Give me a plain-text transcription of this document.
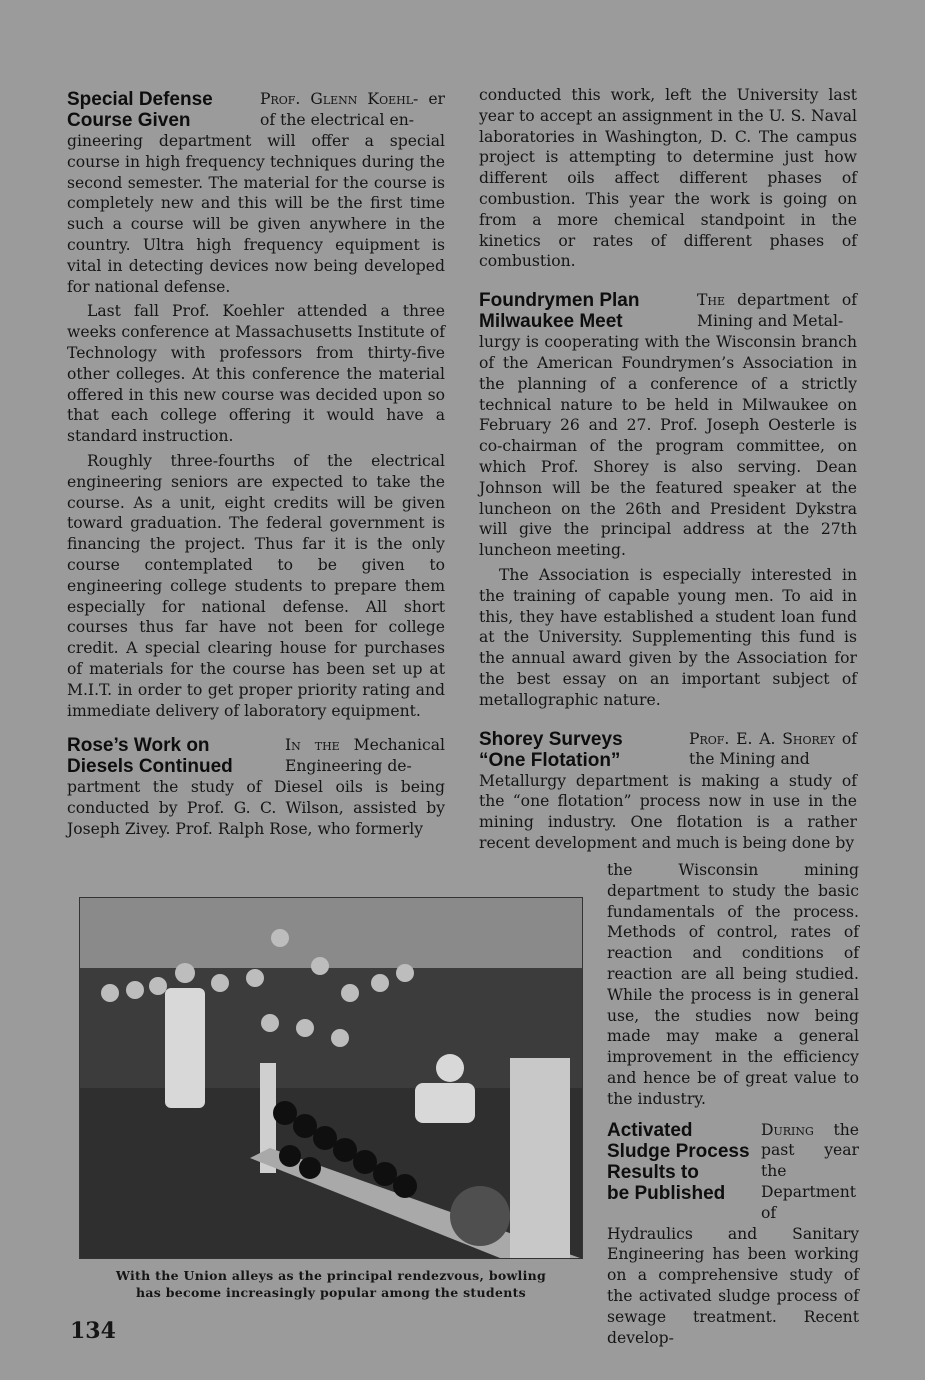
Special Defense
Course Given
Prof. Glenn Koehl- er of the electrical en-

gineering department will offer a special course in high frequency techniques during the second semester. The material for the course is completely new and this will be the first time such a course will be given anywhere in the country. Ultra high frequency equipment is vital in detecting devices now being developed for national defense.

Last fall Prof. Koehler attended a three weeks conference at Massachusetts Institute of Technology with professors from thirty-five other colleges. At this conference the material offered in this new course was decided upon so that each college offering it would have a standard instruction.

Roughly three-fourths of the electrical engineering seniors are expected to take the course. As a unit, eight credits will be given toward graduation. The federal government is financing the project. Thus far it is the only course contemplated to be given to engineering college students to prepare them especially for national defense. All short courses thus far have not been for college credit. A special clearing house for purchases of materials for the course has been set up at M.I.T. in order to get proper priority rating and immediate delivery of laboratory equipment.

Rose’s Work on
Diesels Continued
In the Mechanical Engineering de-

partment the study of Diesel oils is being conducted by Prof. G. C. Wilson, assisted by Joseph Zivey. Prof. Ralph Rose, who formerly

conducted this work, left the University last year to accept an assignment in the U. S. Naval laboratories in Washington, D. C. The campus project is attempting to determine just how different oils affect different phases of combustion. This year the work is going on from a more chemical standpoint in the kinetics or rates of different phases of combustion.

Foundrymen Plan
Milwaukee Meet
The department of Mining and Metal-

lurgy is cooperating with the Wisconsin branch of the American Foundrymen’s Association in the planning of a conference of a strictly technical nature to be held in Milwaukee on February 26 and 27. Prof. Joseph Oesterle is co-chairman of the program committee, on which Prof. Shorey is also serving. Dean Johnson will be the featured speaker at the luncheon on the 26th and President Dykstra will give the principal address at the 27th luncheon meeting.

The Association is especially interested in the training of capable young men. To aid in this, they have established a student loan fund at the University. Supplementing this fund is the annual award given by the Association for the best essay on an important subject of metallographic nature.

Shorey Surveys
“One Flotation”
Prof. E. A. Shorey of the Mining and

Metallurgy department is making a study of the “one flotation” process now in use in the mining industry. One flotation is a rather recent development and much is being done by

the Wisconsin mining department to study the basic fundamentals of the process. Methods of control, rates of reaction and conditions of reaction are all being studied. While the process is in general use, the studies now being made may make a general improvement in the efficiency and hence be of great value to the industry.

Activated
Sludge Process
Results to
be Published
During the past year the Department of

Hydraulics and Sanitary Engineering has been working on a comprehensive study of the activated sludge process of sewage treatment. Recent develop-

With the Union alleys as the principal rendezvous, bowling
has become increasingly popular among the students
134
